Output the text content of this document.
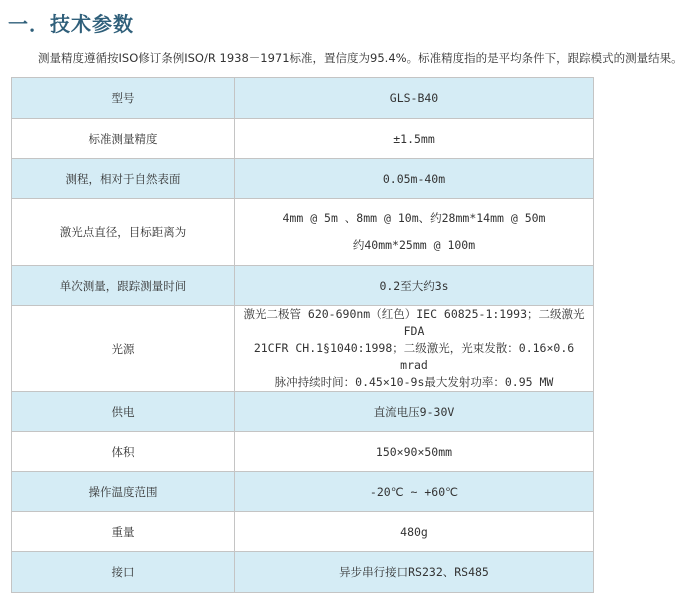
一．技术参数
测量精度遵循按ISO修订条例ISO/R 1938－1971标准，置信度为95.4%。标准精度指的是平均条件下，跟踪模式的测量结果。
型号	GLS-B40
标准测量精度	±1.5mm
测程，相对于自然表面	0.05m-40m
激光点直径，目标距离为	4mm @ 5m 、8mm @ 10m、约28mm*14mm @ 50m
约40mm*25mm @ 100m

单次测量，跟踪测量时间	0.2至大约3s
光源	激光二极管 620-690nm（红色）IEC 60825-1:1993；二级激光FDA
21CFR CH.1§1040:1998；二级激光，光束发散：0.16×0.6 mrad
脉冲持续时间：0.45×10-9s最大发射功率：0.95 MW

供电	直流电压9-30V
体积	150×90×50mm
操作温度范围	-20℃ ~ +60℃
重量	480g
接口	异步串行接口RS232、RS485
